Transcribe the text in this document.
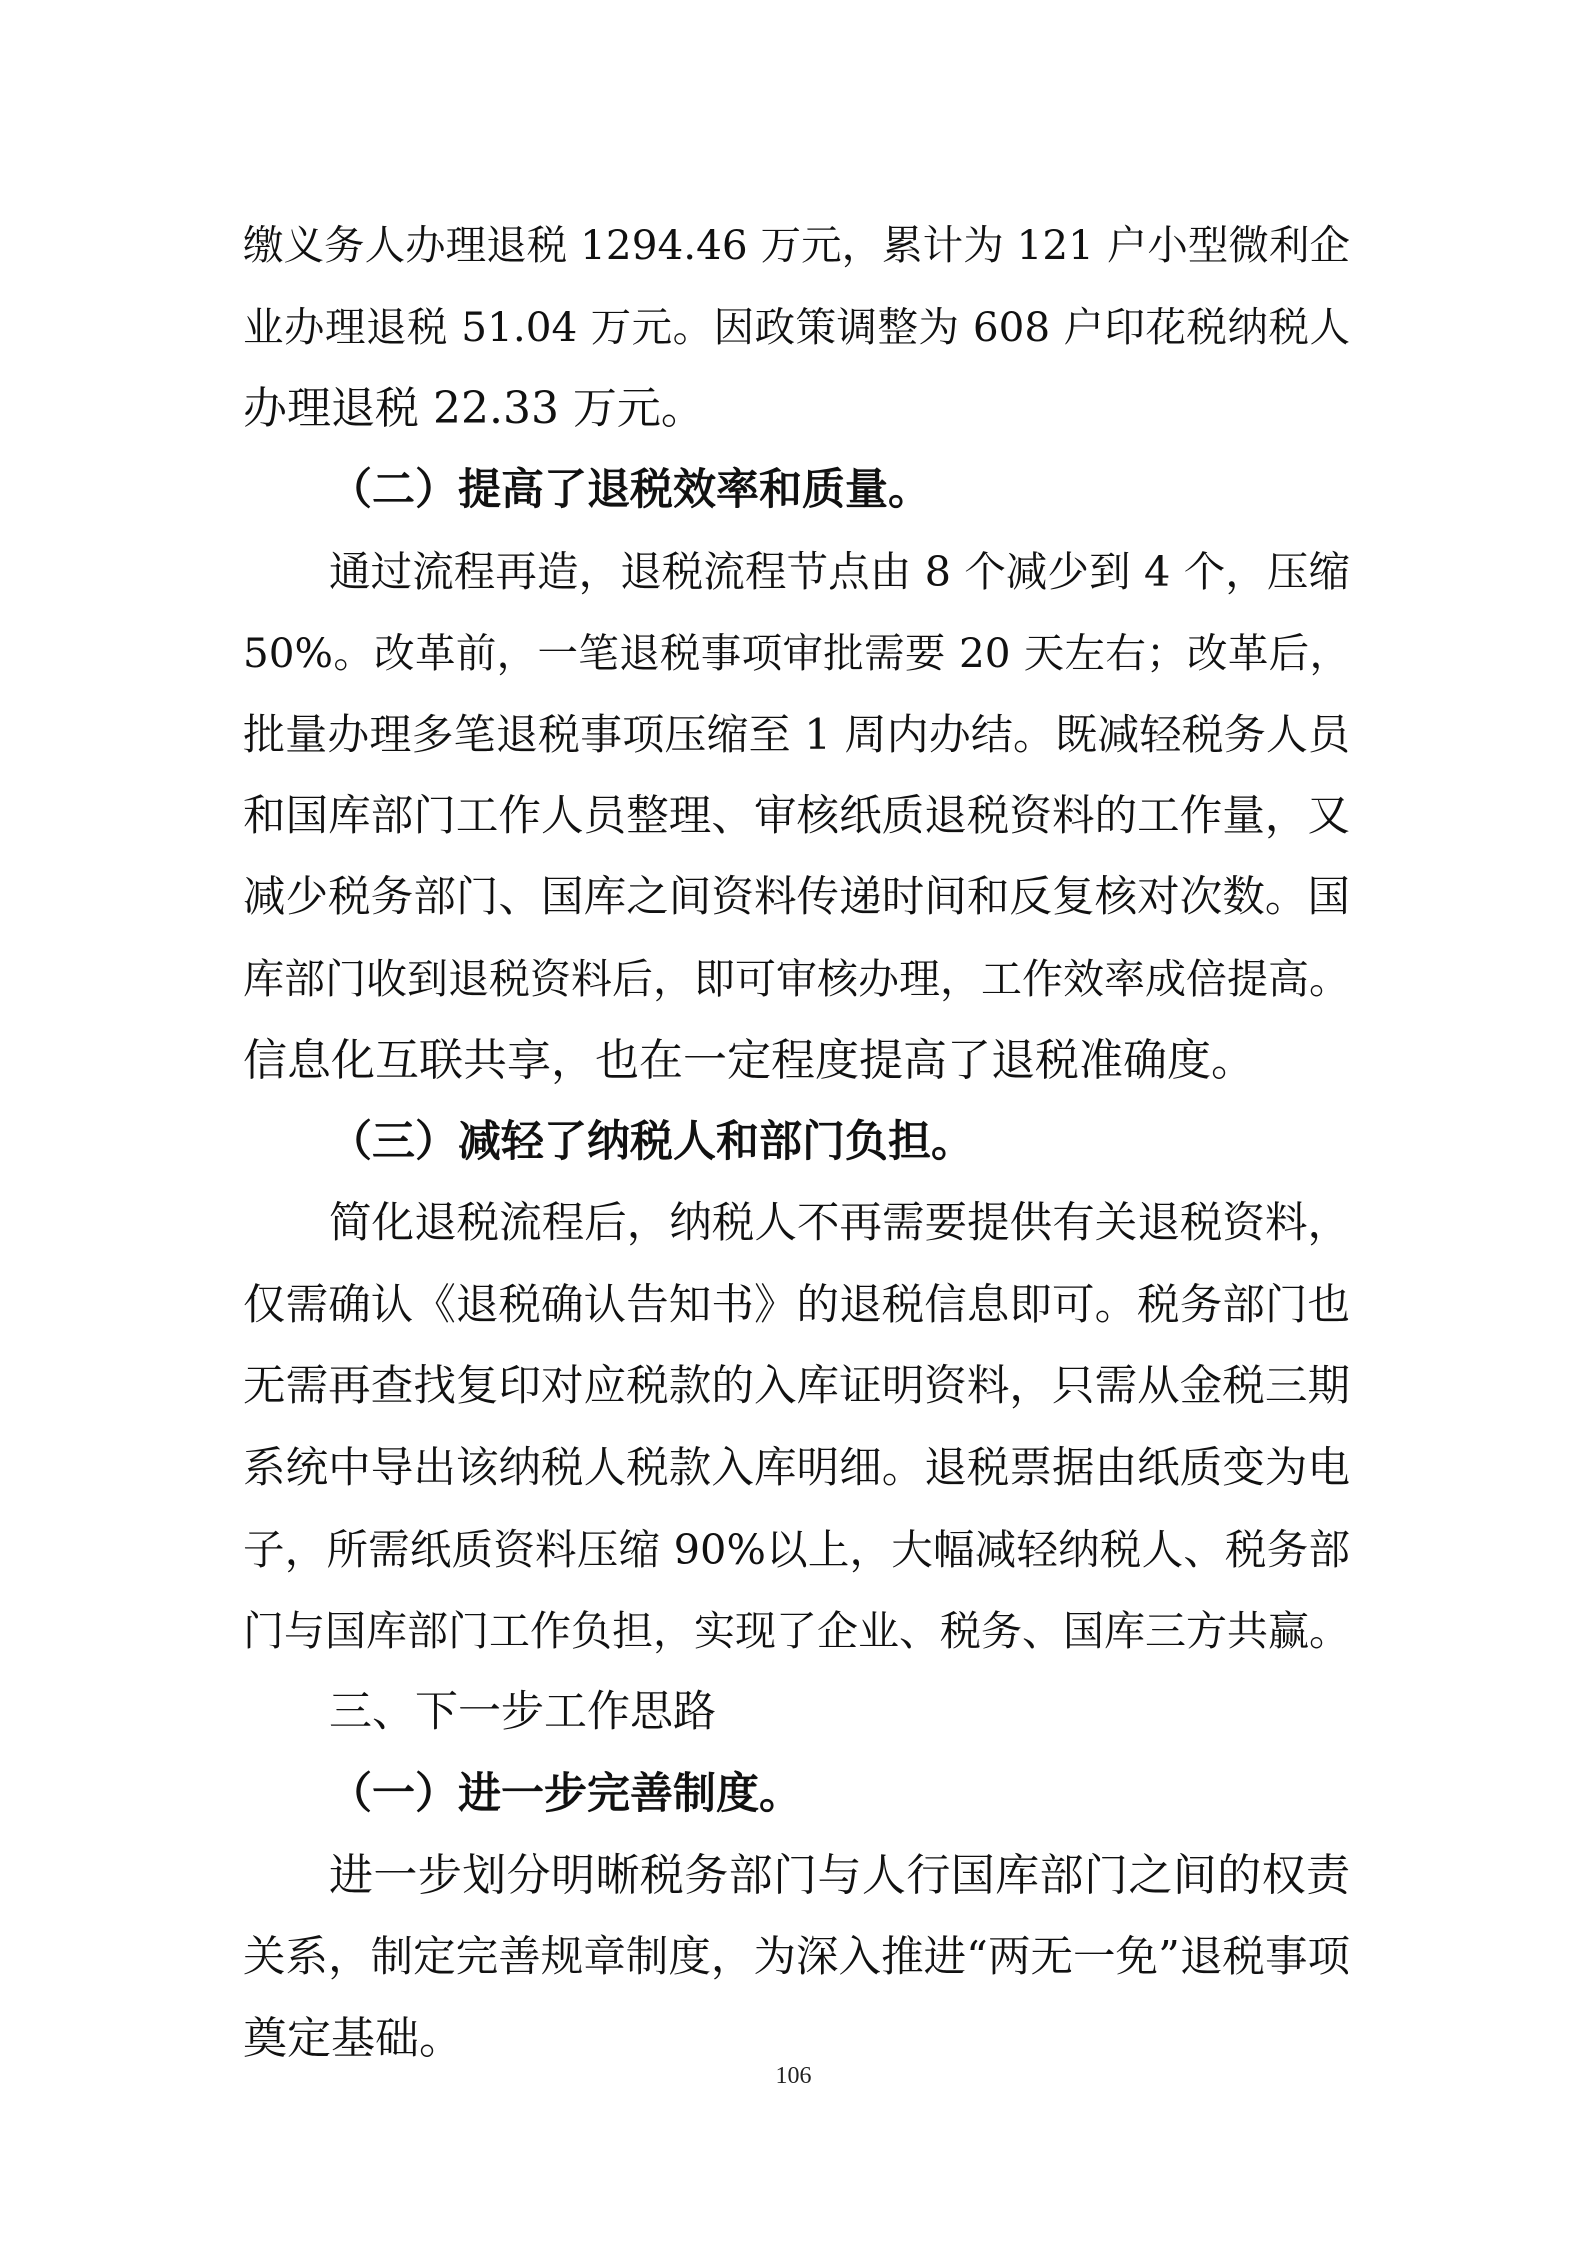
缴义务人办理退税 1294.46 万元，累计为 121 户小型微利企
业办理退税 51.04 万元。因政策调整为 608 户印花税纳税人
办理退税 22.33 万元。
（二）提高了退税效率和质量。
通过流程再造，退税流程节点由 8 个减少到 4 个，压缩
50%。改革前，一笔退税事项审批需要 20 天左右；改革后，
批量办理多笔退税事项压缩至 1 周内办结。既减轻税务人员
和国库部门工作人员整理、审核纸质退税资料的工作量，又
减少税务部门、国库之间资料传递时间和反复核对次数。国
库部门收到退税资料后，即可审核办理，工作效率成倍提高。
信息化互联共享，也在一定程度提高了退税准确度。
（三）减轻了纳税人和部门负担。
简化退税流程后，纳税人不再需要提供有关退税资料，
仅需确认《退税确认告知书》的退税信息即可。税务部门也
无需再查找复印对应税款的入库证明资料，只需从金税三期
系统中导出该纳税人税款入库明细。退税票据由纸质变为电
子，所需纸质资料压缩 90%以上，大幅减轻纳税人、税务部
门与国库部门工作负担，实现了企业、税务、国库三方共赢。
三、下一步工作思路
（一）进一步完善制度。
进一步划分明晰税务部门与人行国库部门之间的权责
关系，制定完善规章制度，为深入推进“两无一免”退税事项
奠定基础。
106
